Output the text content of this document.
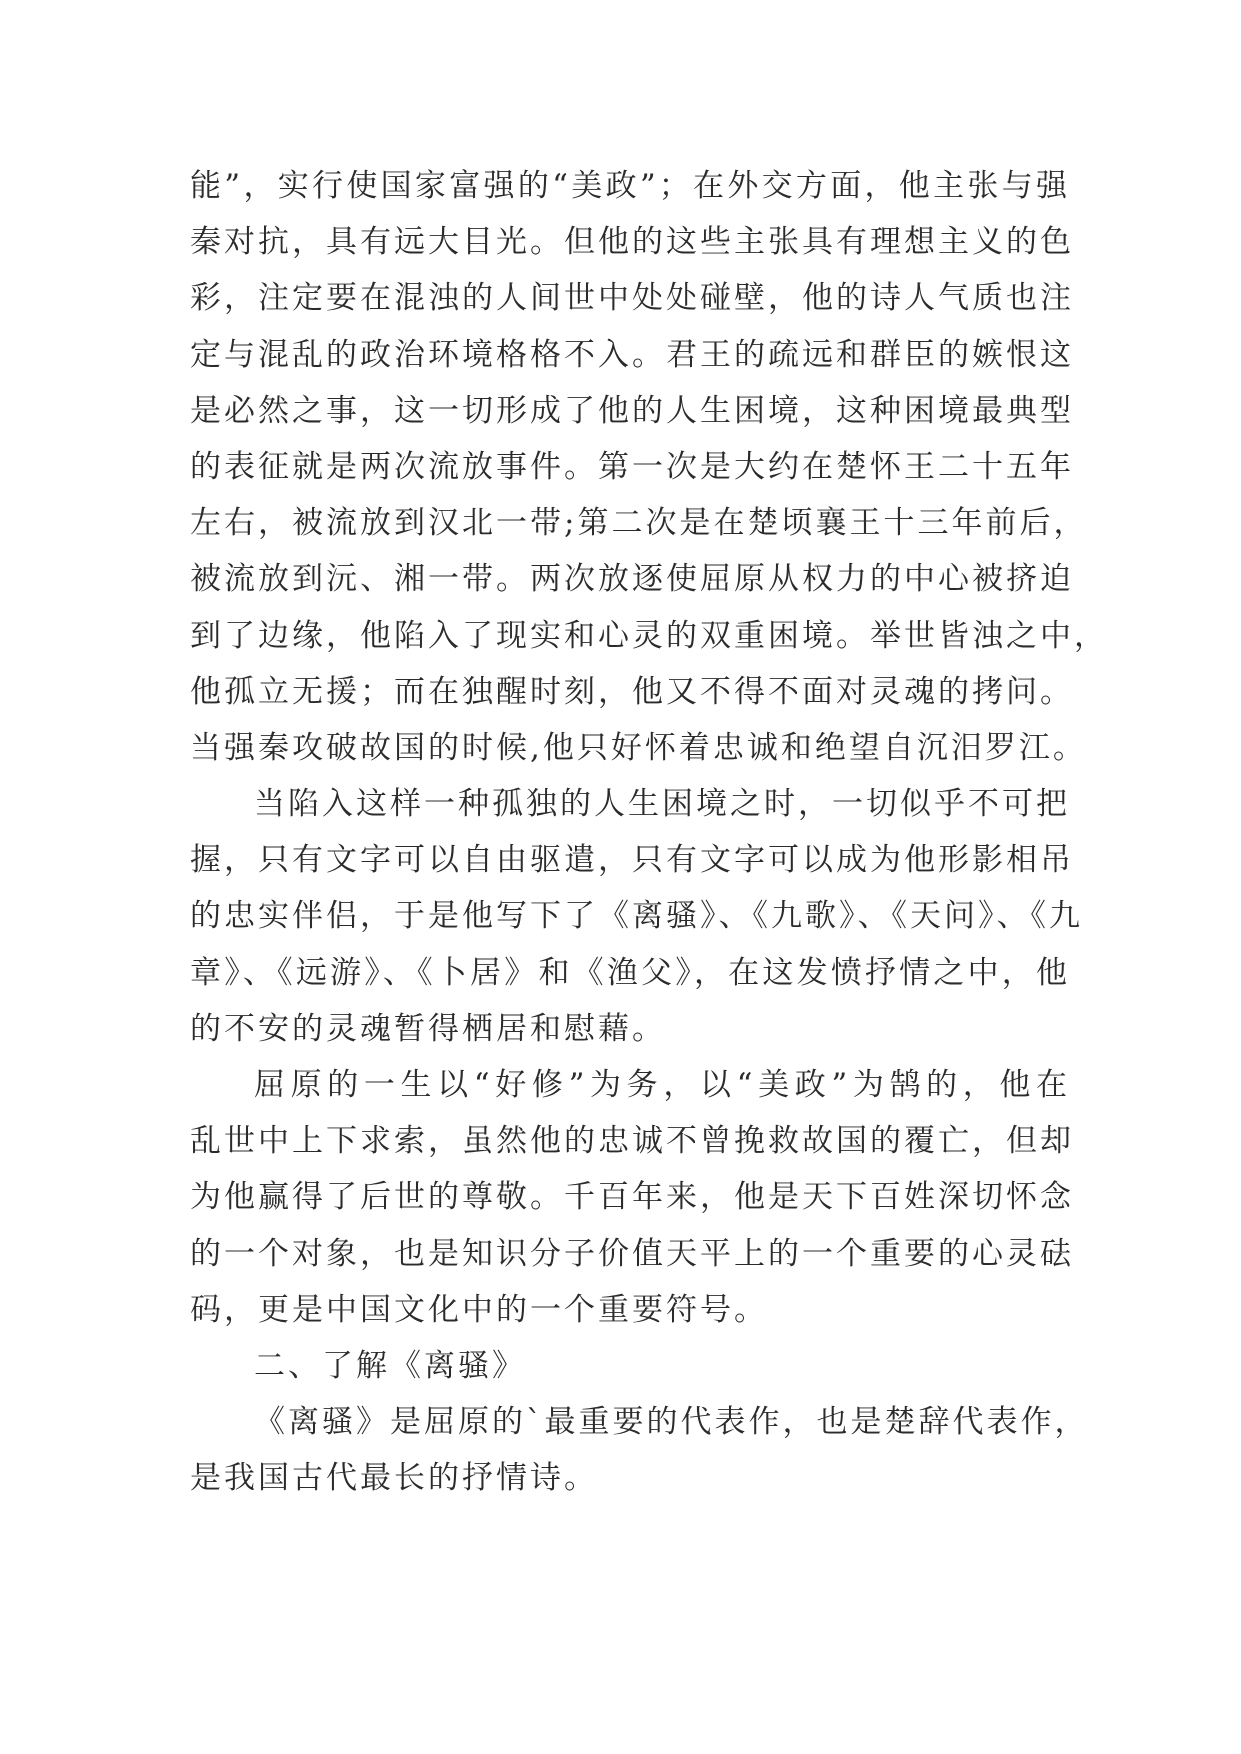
能”，实行使国家富强的“美政”；在外交方面，他主张与强

秦对抗，具有远大目光。但他的这些主张具有理想主义的色

彩，注定要在混浊的人间世中处处碰壁，他的诗人气质也注

定与混乱的政治环境格格不入。君王的疏远和群臣的嫉恨这

是必然之事，这一切形成了他的人生困境，这种困境最典型

的表征就是两次流放事件。第一次是大约在楚怀王二十五年

左右，被流放到汉北一带;第二次是在楚顷襄王十三年前后，

被流放到沅、湘一带。两次放逐使屈原从权力的中心被挤迫

到了边缘，他陷入了现实和心灵的双重困境。举世皆浊之中，

他孤立无援；而在独醒时刻，他又不得不面对灵魂的拷问。

当强秦攻破故国的时候,他只好怀着忠诚和绝望自沉汨罗江。

当陷入这样一种孤独的人生困境之时，一切似乎不可把

握，只有文字可以自由驱遣，只有文字可以成为他形影相吊

的忠实伴侣，于是他写下了《离骚》、《九歌》、《天问》、《九

章》、《远游》、《卜居》和《渔父》，在这发愤抒情之中，他

的不安的灵魂暂得栖居和慰藉。

屈原的一生以“好修”为务，以“美政”为鹄的，他在

乱世中上下求索，虽然他的忠诚不曾挽救故国的覆亡，但却

为他赢得了后世的尊敬。千百年来，他是天下百姓深切怀念

的一个对象，也是知识分子价值天平上的一个重要的心灵砝

码，更是中国文化中的一个重要符号。

二、了解《离骚》

《离骚》是屈原的`最重要的代表作，也是楚辞代表作，

是我国古代最长的抒情诗。
